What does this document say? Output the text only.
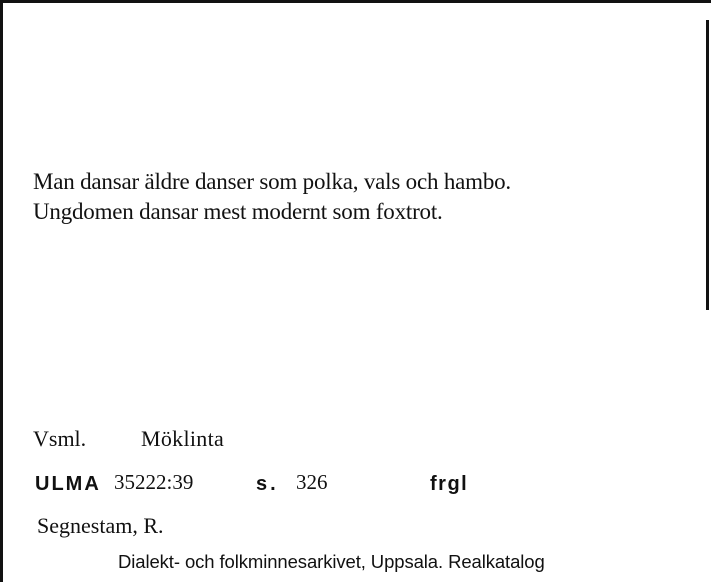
Man dansar äldre danser som polka, vals och hambo.
Ungdomen dansar mest modernt som foxtrot.
Vsml. Möklinta
ULMA 35222:39	s. 326	frgl
Segnestam, R.
Dialekt- och folkminnesarkivet, Uppsala. Realkatalog
